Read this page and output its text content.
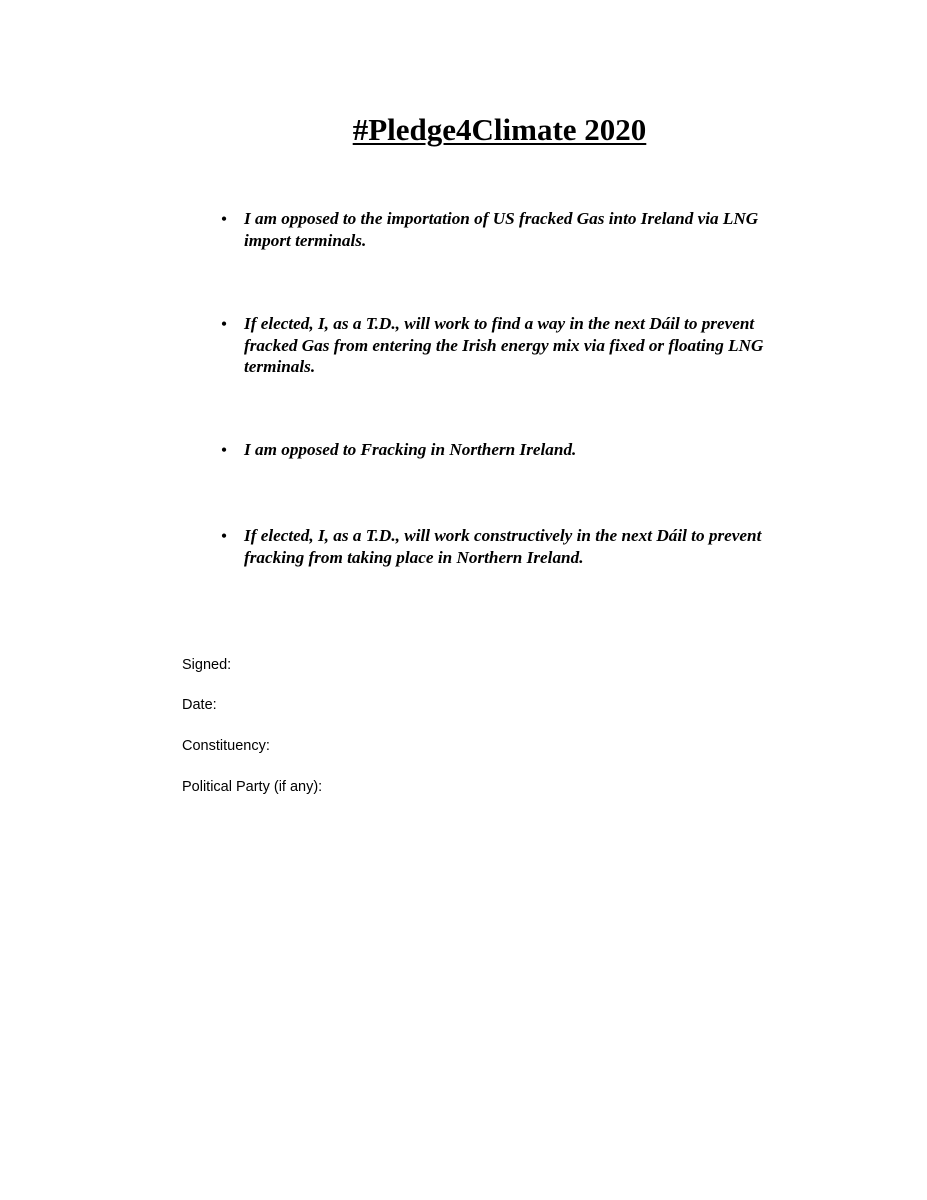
#Pledge4Climate 2020
• I am opposed to the importation of US fracked Gas into Ireland via LNG import terminals.
• If elected, I, as a T.D., will work to find a way in the next Dáil to prevent fracked Gas from entering the Irish energy mix via fixed or floating LNG terminals.
• I am opposed to Fracking in Northern Ireland.
• If elected, I, as a T.D., will work constructively in the next Dáil to prevent fracking from taking place in Northern Ireland.
Signed:
Date:
Constituency:
Political Party (if any):
